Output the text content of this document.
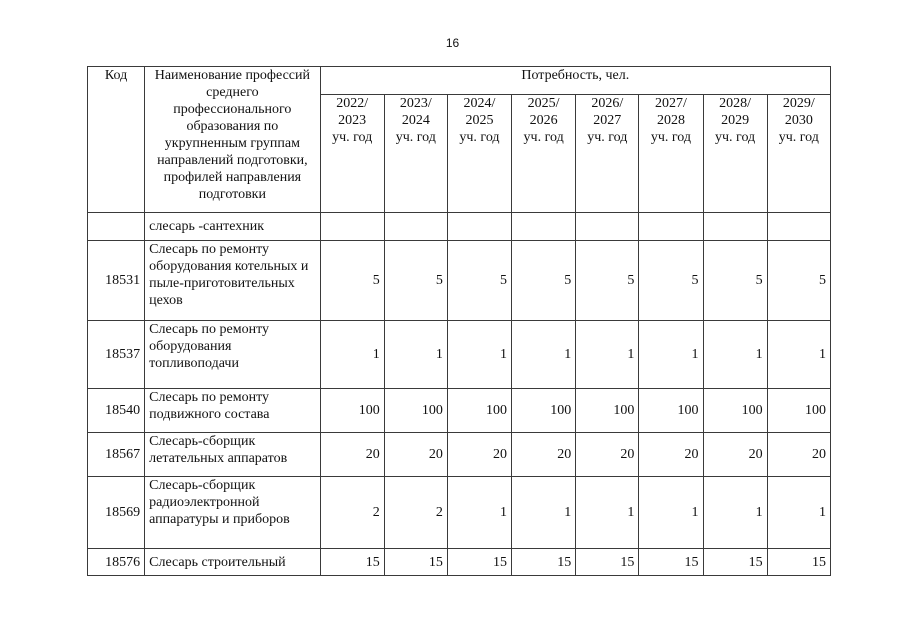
16
Код	Наименование профессий среднего профессионального образования по укрупненным группам направлений подготовки, профилей направления подготовки	Потребность, чел.							

		2022/
2023
уч. год	2023/
2024
уч. год	2024/
2025
уч. год	2025/
2026
уч. год	2026/
2027
уч. год	2027/
2028
уч. год	2028/
2029
уч. год	2029/
2030
уч. год

	слесарь -сантехник								
18531	Слесарь по ремонту оборудования котельных и пыле-приготовительных цехов	5	5	5	5	5	5	5	5
18537	Слесарь по ремонту оборудования топливоподачи	1	1	1	1	1	1	1	1
18540	Слесарь по ремонту подвижного состава	100	100	100	100	100	100	100	100
18567	Слесарь-сборщик летательных аппаратов	20	20	20	20	20	20	20	20
18569	Слесарь-сборщик радиоэлектронной аппаратуры и приборов	2	2	1	1	1	1	1	1
18576	Слесарь строительный	15	15	15	15	15	15	15	15
